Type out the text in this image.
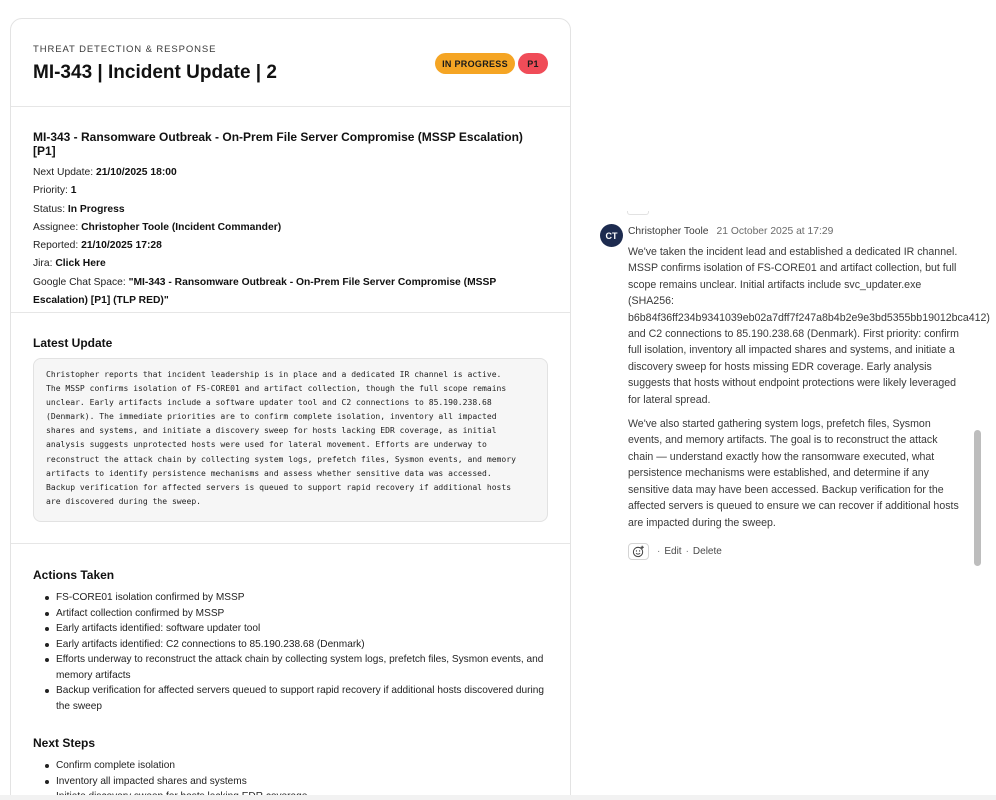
THREAT DETECTION & RESPONSE
MI-343 | Incident Update | 2	IN PROGRESS	P1
MI-343 - Ransomware Outbreak - On-Prem File Server Compromise (MSSP Escalation) [P1]
Next Update: 21/10/2025 18:00
Priority: 1
Status: In Progress
Assignee: Christopher Toole (Incident Commander)
Reported: 21/10/2025 17:28
Jira: Click Here
Google Chat Space: "MI-343 - Ransomware Outbreak - On-Prem File Server Compromise (MSSP Escalation) [P1] (TLP RED)"
Latest Update
Christopher reports that incident leadership is in place and a dedicated IR channel is active.
The MSSP confirms isolation of FS-CORE01 and artifact collection, though the full scope remains
unclear. Early artifacts include a software updater tool and C2 connections to 85.190.238.68
(Denmark). The immediate priorities are to confirm complete isolation, inventory all impacted
shares and systems, and initiate a discovery sweep for hosts lacking EDR coverage, as initial
analysis suggests unprotected hosts were used for lateral movement. Efforts are underway to
reconstruct the attack chain by collecting system logs, prefetch files, Sysmon events, and memory
artifacts to identify persistence mechanisms and assess whether sensitive data was accessed.
Backup verification for affected servers is queued to support rapid recovery if additional hosts
are discovered during the sweep.
Actions Taken
FS-CORE01 isolation confirmed by MSSP
Artifact collection confirmed by MSSP
Early artifacts identified: software updater tool
Early artifacts identified: C2 connections to 85.190.238.68 (Denmark)
Efforts underway to reconstruct the attack chain by collecting system logs, prefetch files, Sysmon events, and memory artifacts
Backup verification for affected servers queued to support rapid recovery if additional hosts discovered during the sweep
Next Steps
Confirm complete isolation
Inventory all impacted shares and systems
CT	Christopher Toole 21 October 2025 at 17:29

We've taken the incident lead and established a dedicated IR channel. MSSP confirms isolation of FS-CORE01 and artifact collection, but full scope remains unclear. Initial artifacts include svc_updater.exe (SHA256: b6b84f36ff234b9341039eb02a7dff7f247a8b4b2e9e3bd5355bb19012bca412) and C2 connections to 85.190.238.68 (Denmark). First priority: confirm full isolation, inventory all impacted shares and systems, and initiate a discovery sweep for hosts missing EDR coverage. Early analysis suggests that hosts without endpoint protections were likely leveraged for lateral spread.

We've also started gathering system logs, prefetch files, Sysmon events, and memory artifacts. The goal is to reconstruct the attack chain — understand exactly how the ransomware executed, what persistence mechanisms were established, and determine if any sensitive data may have been accessed. Backup verification for the affected servers is queued to ensure we can recover if additional hosts are impacted during the sweep.

· Edit · Delete
